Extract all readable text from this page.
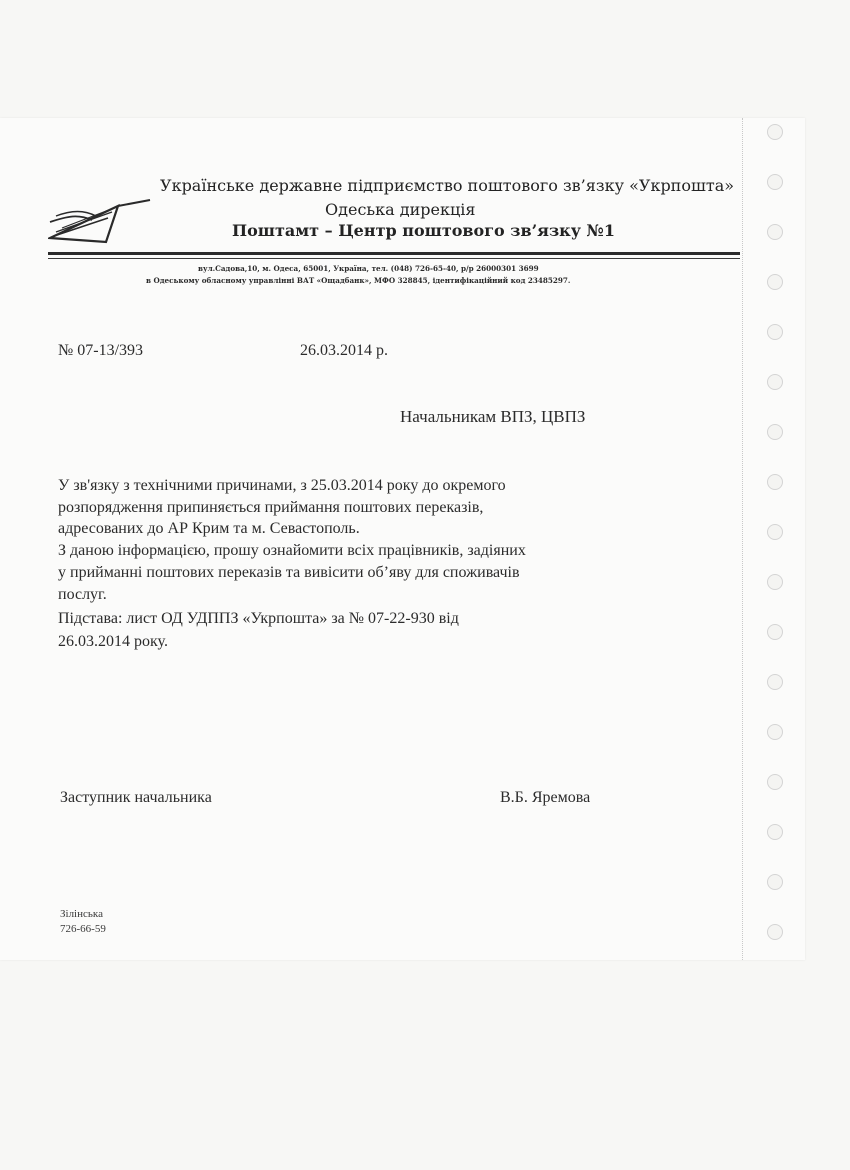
Українське державне підприємство поштового зв’язку «Укрпошта»
Одеська дирекція
Поштамт – Центр поштового зв’язку №1
вул.Садова,10, м. Одеса, 65001, Україна, тел. (048) 726-65-40, р/р 26000301 3699
в Одеському обласному управлінні ВАТ «Ощадбанк», МФО 328845, ідентифікаційний код 23485297.
№ 07-13/393	26.03.2014 р.
Начальникам ВПЗ, ЦВПЗ
У зв'язку з технічними причинами, з 25.03.2014 року до окремого
розпорядження припиняється приймання поштових переказів,
адресованих до АР Крим та м. Севастополь.
З даною інформацією, прошу ознайомити всіх працівників, задіяних
у прийманні поштових переказів та вивісити об’яву для споживачів
послуг.
Підстава: лист ОД УДППЗ «Укрпошта» за № 07-22-930 від
26.03.2014 року.
Заступник начальника	В.Б. Яремова
Зілінська
726-66-59
